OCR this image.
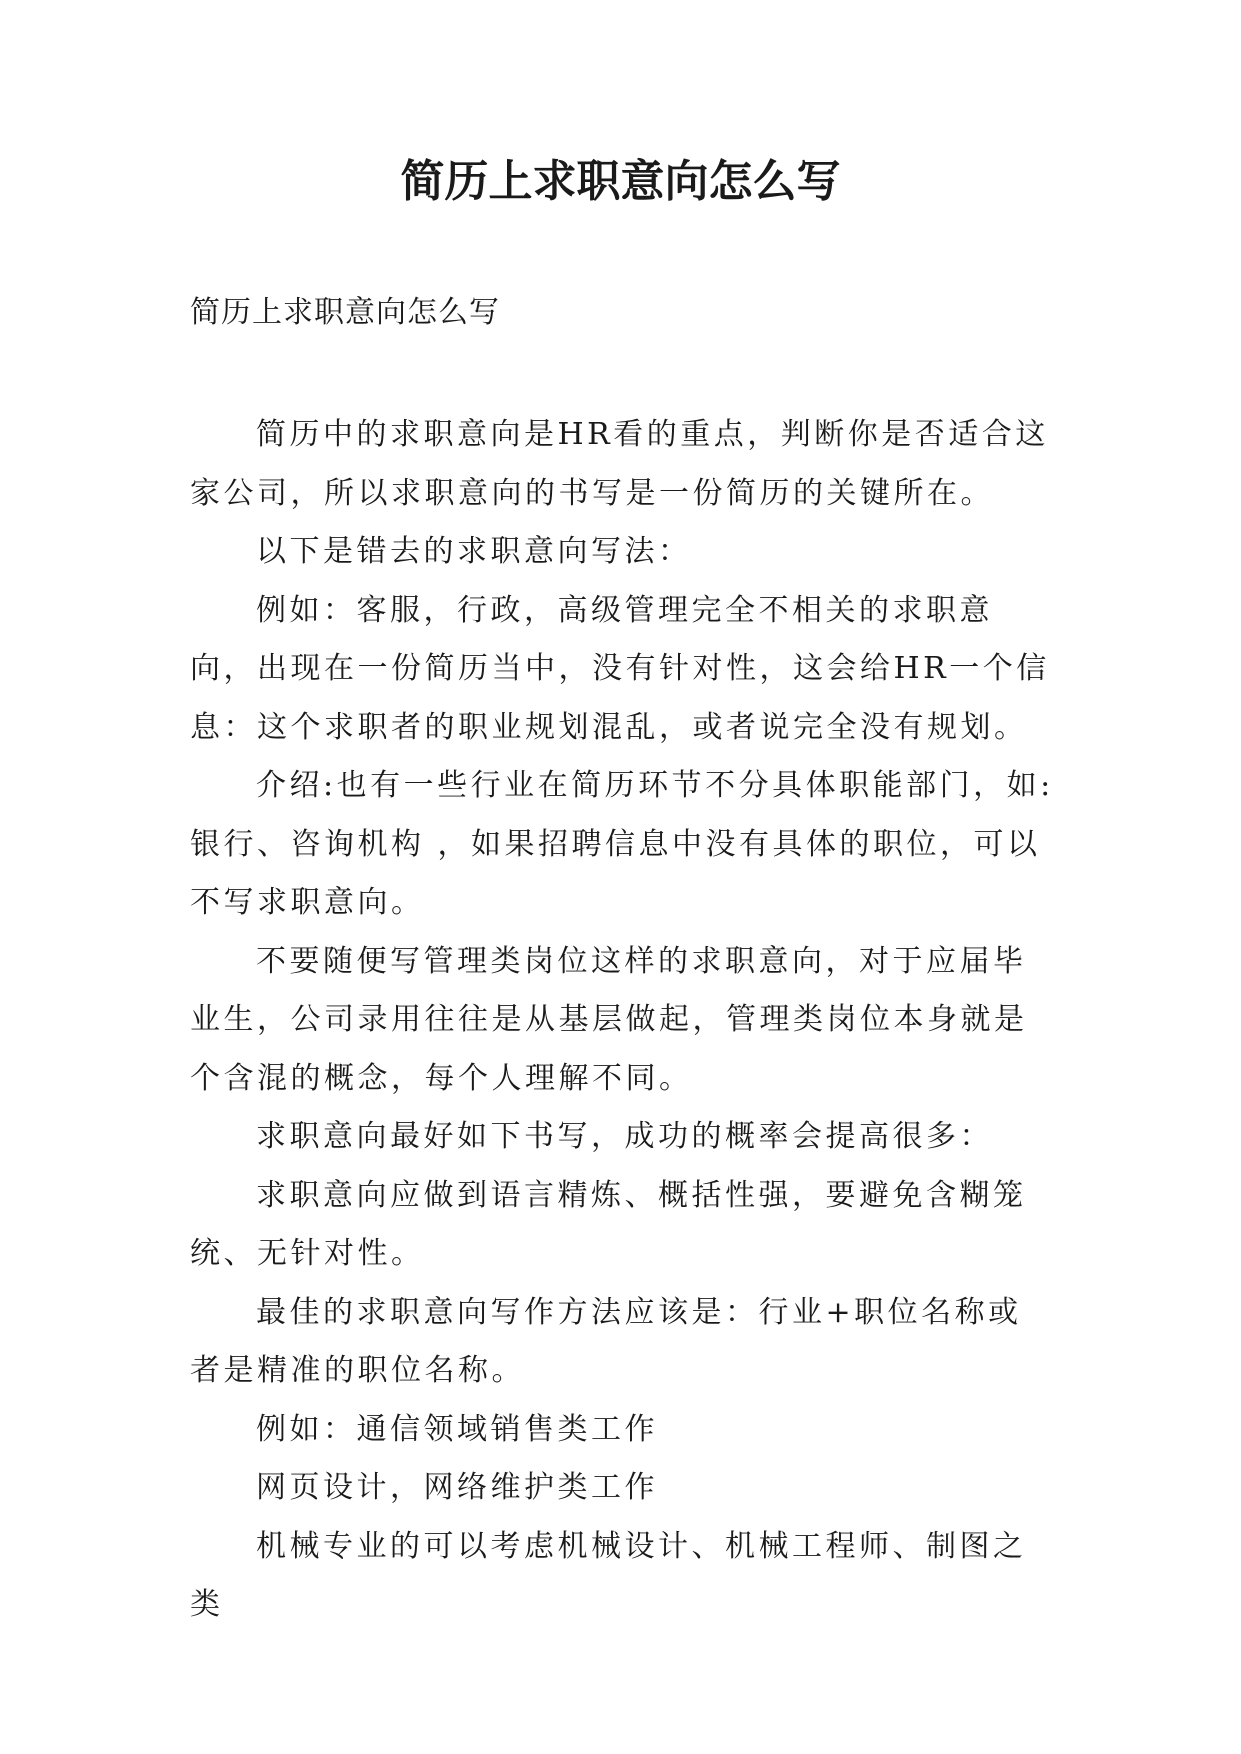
简历上求职意向怎么写
简历上求职意向怎么写

简历中的求职意向是HR看的重点，判断你是否适合这家公司，所以求职意向的书写是一份简历的关键所在。

以下是错去的求职意向写法：

例如：客服，行政，高级管理完全不相关的求职意向，出现在一份简历当中，没有针对性，这会给HR一个信息：这个求职者的职业规划混乱，或者说完全没有规划。

介绍:也有一些行业在简历环节不分具体职能部门，如:银行、咨询机构 ，如果招聘信息中没有具体的职位，可以不写求职意向。

不要随便写管理类岗位这样的求职意向，对于应届毕业生，公司录用往往是从基层做起，管理类岗位本身就是个含混的概念，每个人理解不同。

求职意向最好如下书写，成功的概率会提高很多：

求职意向应做到语言精炼、概括性强，要避免含糊笼统、无针对性。

最佳的求职意向写作方法应该是：行业+职位名称或者是精准的职位名称。

例如：通信领域销售类工作

网页设计，网络维护类工作

机械专业的可以考虑机械设计、机械工程师、制图之类
